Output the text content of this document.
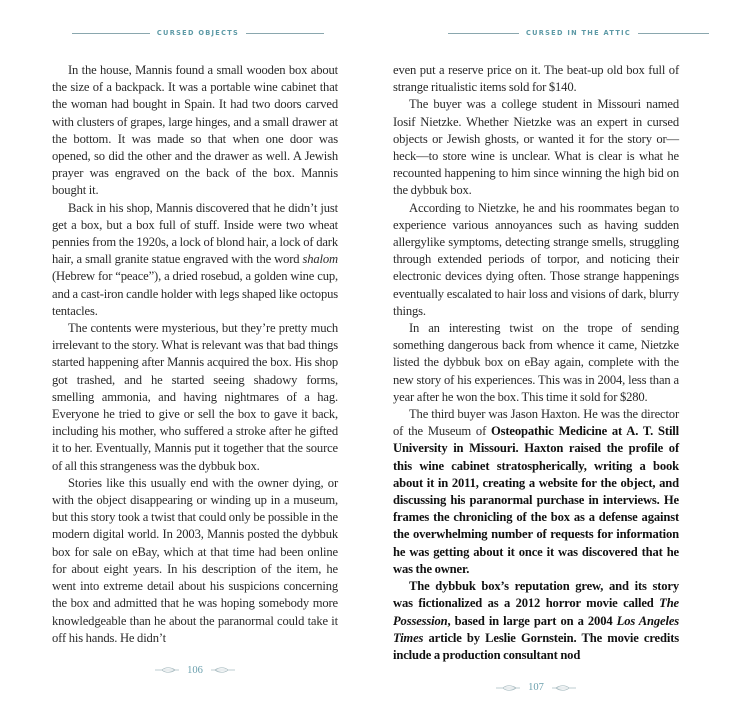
CURSED OBJECTS

In the house, Mannis found a small wooden box about the size of a backpack. It was a portable wine cabinet that the woman had bought in Spain. It had two doors carved with clusters of grapes, large hinges, and a small drawer at the bottom. It was made so that when one door was opened, so did the other and the drawer as well. A Jewish prayer was engraved on the back of the box. Mannis bought it.

Back in his shop, Mannis discovered that he didn’t just get a box, but a box full of stuff. Inside were two wheat pennies from the 1920s, a lock of blond hair, a lock of dark hair, a small granite statue engraved with the word shalom (Hebrew for “peace”), a dried rosebud, a golden wine cup, and a cast-iron candle holder with legs shaped like octopus tentacles.

The contents were mysterious, but they’re pretty much irrelevant to the story. What is relevant was that bad things started happening after Mannis acquired the box. His shop got trashed, and he started seeing shadowy forms, smelling ammonia, and having nightmares of a hag. Everyone he tried to give or sell the box to gave it back, including his mother, who suffered a stroke after he gifted it to her. Eventually, Mannis put it together that the source of all this strangeness was the dybbuk box.

Stories like this usually end with the owner dying, or with the object disappearing or winding up in a museum, but this story took a twist that could only be possible in the modern digital world. In 2003, Mannis posted the dybbuk box for sale on eBay, which at that time had been online for about eight years. In his description of the item, he went into extreme detail about his suspicions concerning the box and admitted that he was hoping somebody more knowledgeable than he about the paranormal could take it off his hands. He didn’t

106
CURSED IN THE ATTIC

even put a reserve price on it. The beat-up old box full of strange ritualistic items sold for $140.

The buyer was a college student in Missouri named Iosif Nietzke. Whether Nietzke was an expert in cursed objects or Jewish ghosts, or wanted it for the story or—heck—to store wine is unclear. What is clear is what he recounted happening to him since winning the high bid on the dybbuk box.

According to Nietzke, he and his roommates began to experience various annoyances such as having sudden allergylike symptoms, detecting strange smells, struggling through extended periods of torpor, and noticing their electronic devices dying often. Those strange happenings eventually escalated to hair loss and visions of dark, blurry things.

In an interesting twist on the trope of sending something dangerous back from whence it came, Nietzke listed the dybbuk box on eBay again, complete with the new story of his experiences. This was in 2004, less than a year after he won the box. This time it sold for $280.

The third buyer was Jason Haxton. He was the director of the Museum of Osteopathic Medicine at A. T. Still University in Missouri. Haxton raised the profile of this wine cabinet stratospherically, writing a book about it in 2011, creating a website for the object, and discussing his paranormal purchase in interviews. He frames the chronicling of the box as a defense against the overwhelming number of requests for information he was getting about it once it was discovered that he was the owner.

The dybbuk box’s reputation grew, and its story was fictionalized as a 2012 horror movie called The Possession, based in large part on a 2004 Los Angeles Times article by Leslie Gornstein. The movie credits include a production consultant nod

107
